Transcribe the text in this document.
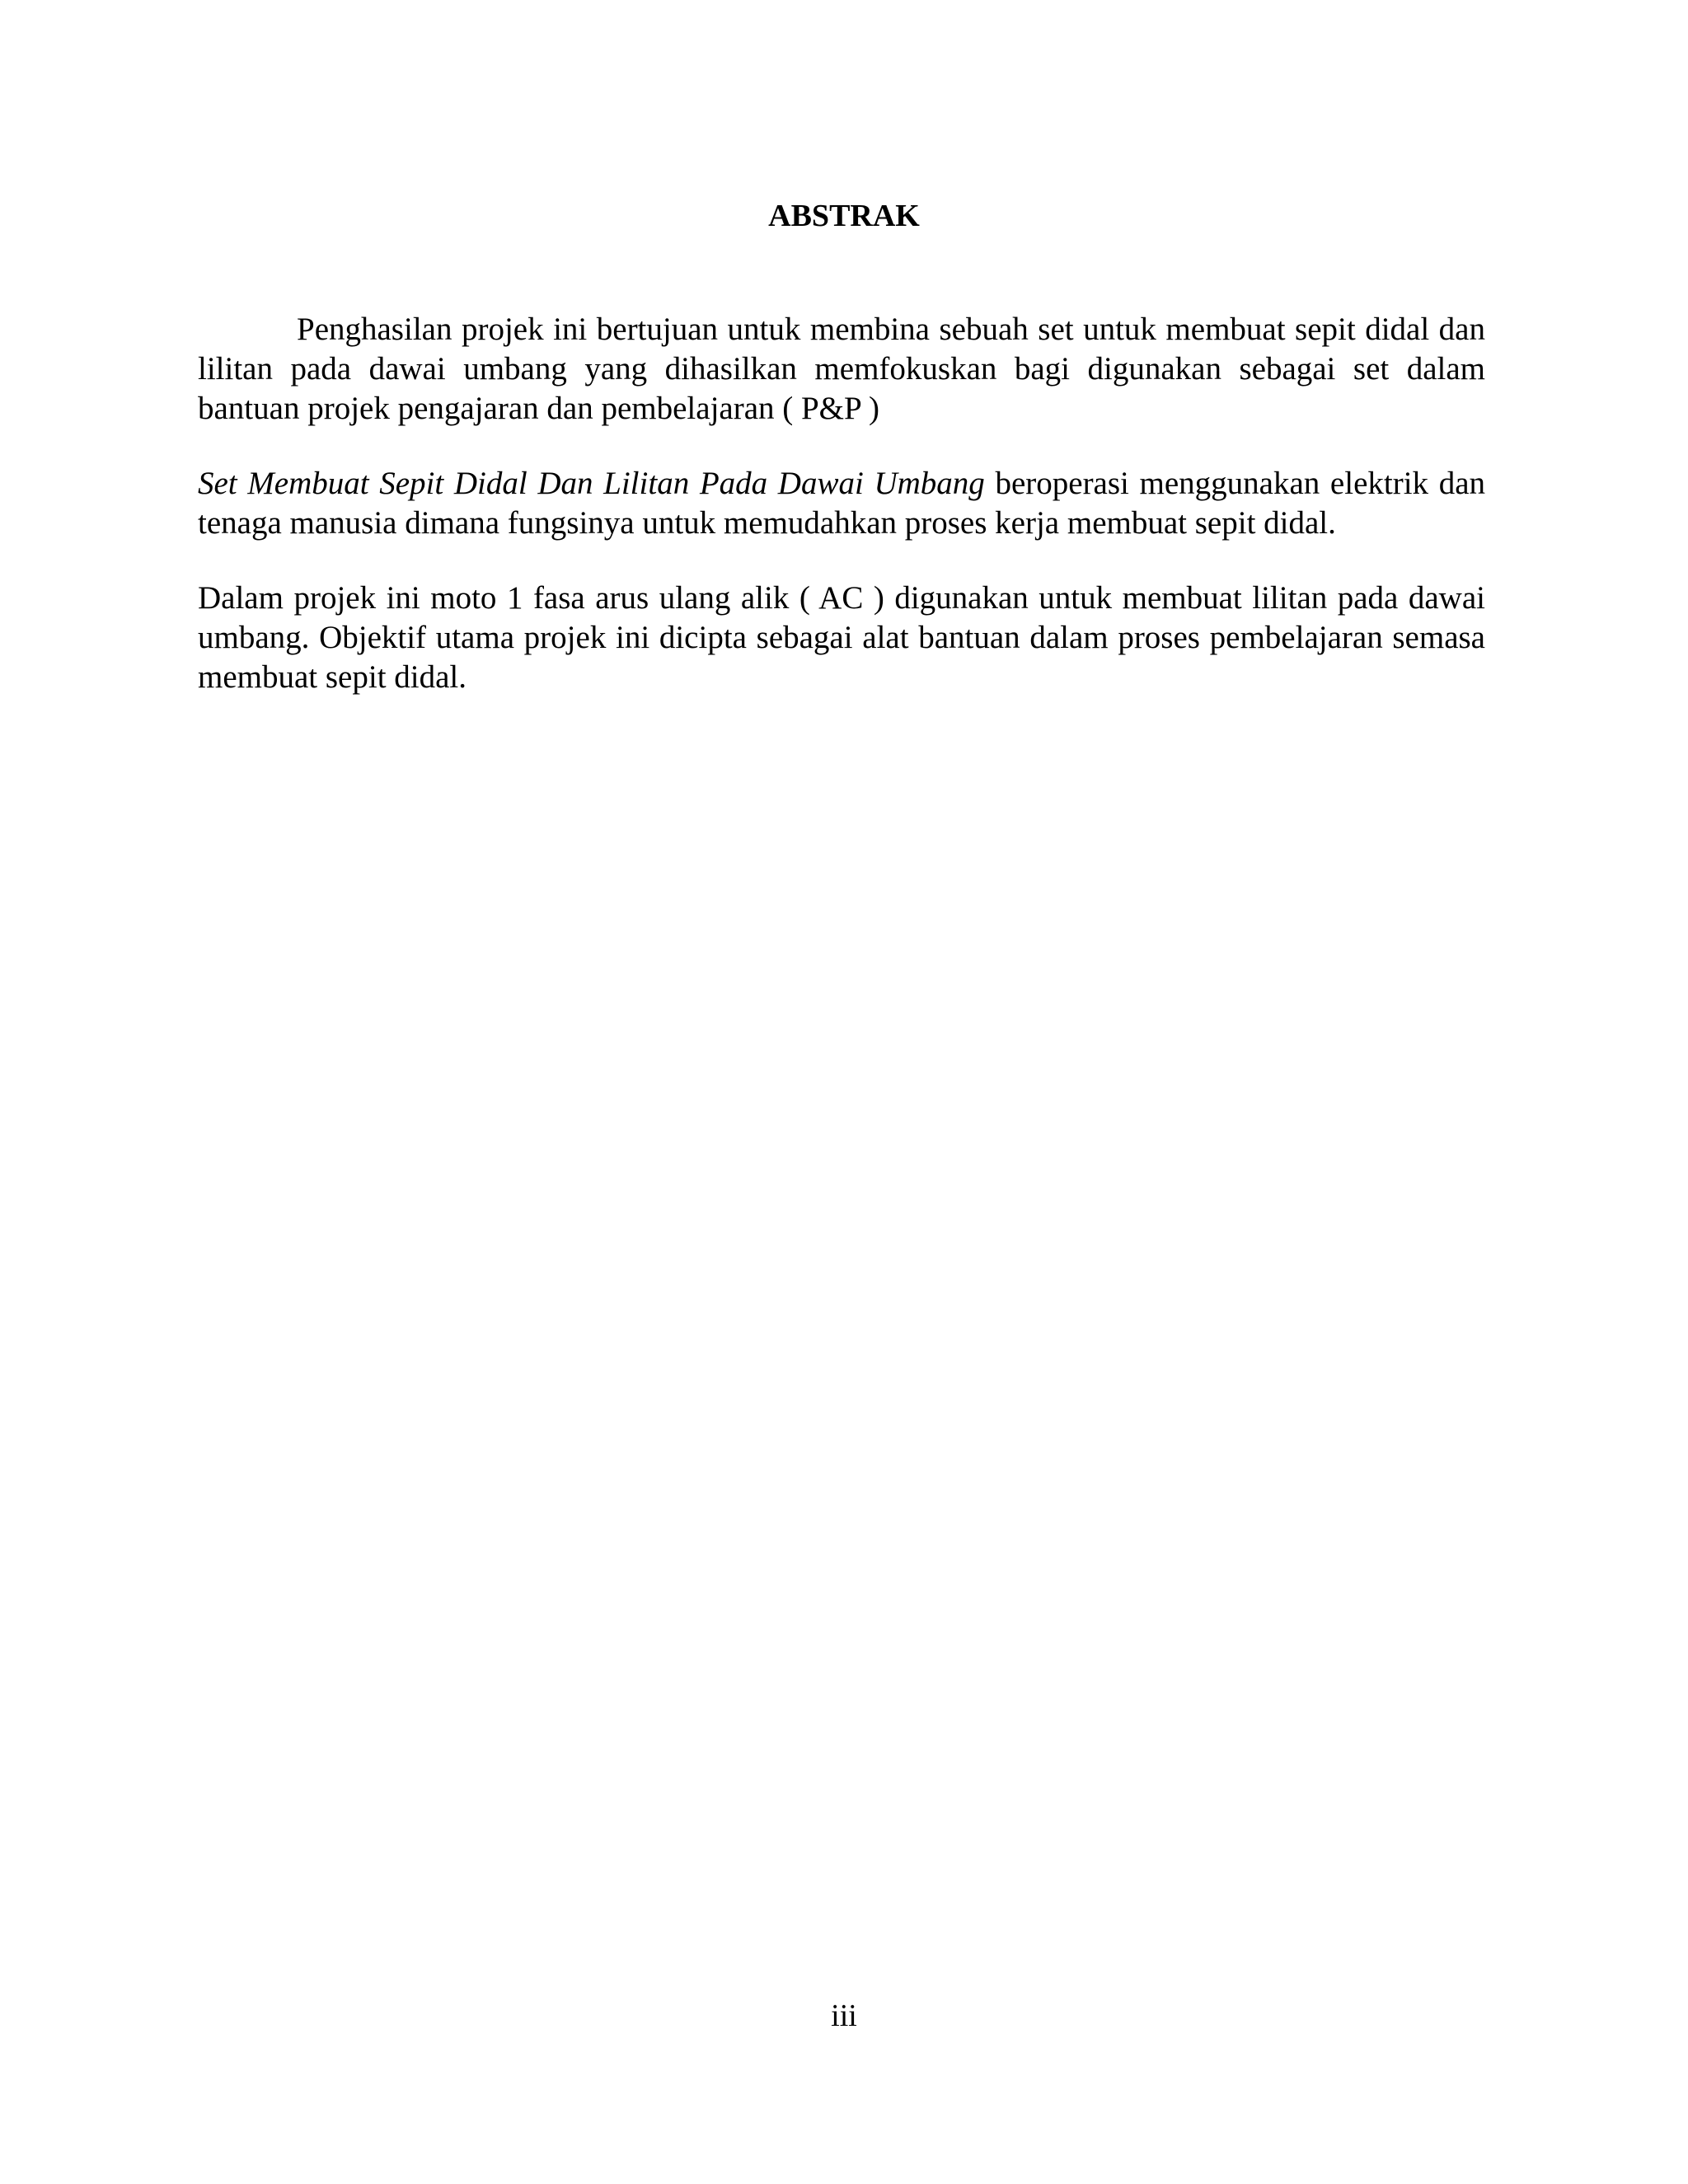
ABSTRAK

Penghasilan projek ini bertujuan untuk membina sebuah set untuk membuat sepit didal dan lilitan pada dawai umbang yang dihasilkan memfokuskan bagi digunakan sebagai set dalam bantuan projek pengajaran dan pembelajaran ( P&P )

Set Membuat Sepit Didal Dan Lilitan Pada Dawai Umbang beroperasi menggunakan elektrik dan tenaga manusia dimana fungsinya untuk memudahkan proses kerja membuat sepit didal.

Dalam projek ini moto 1 fasa arus ulang alik ( AC ) digunakan untuk membuat lilitan pada dawai umbang. Objektif utama projek ini dicipta sebagai alat bantuan dalam proses pembelajaran semasa membuat sepit didal.

iii
